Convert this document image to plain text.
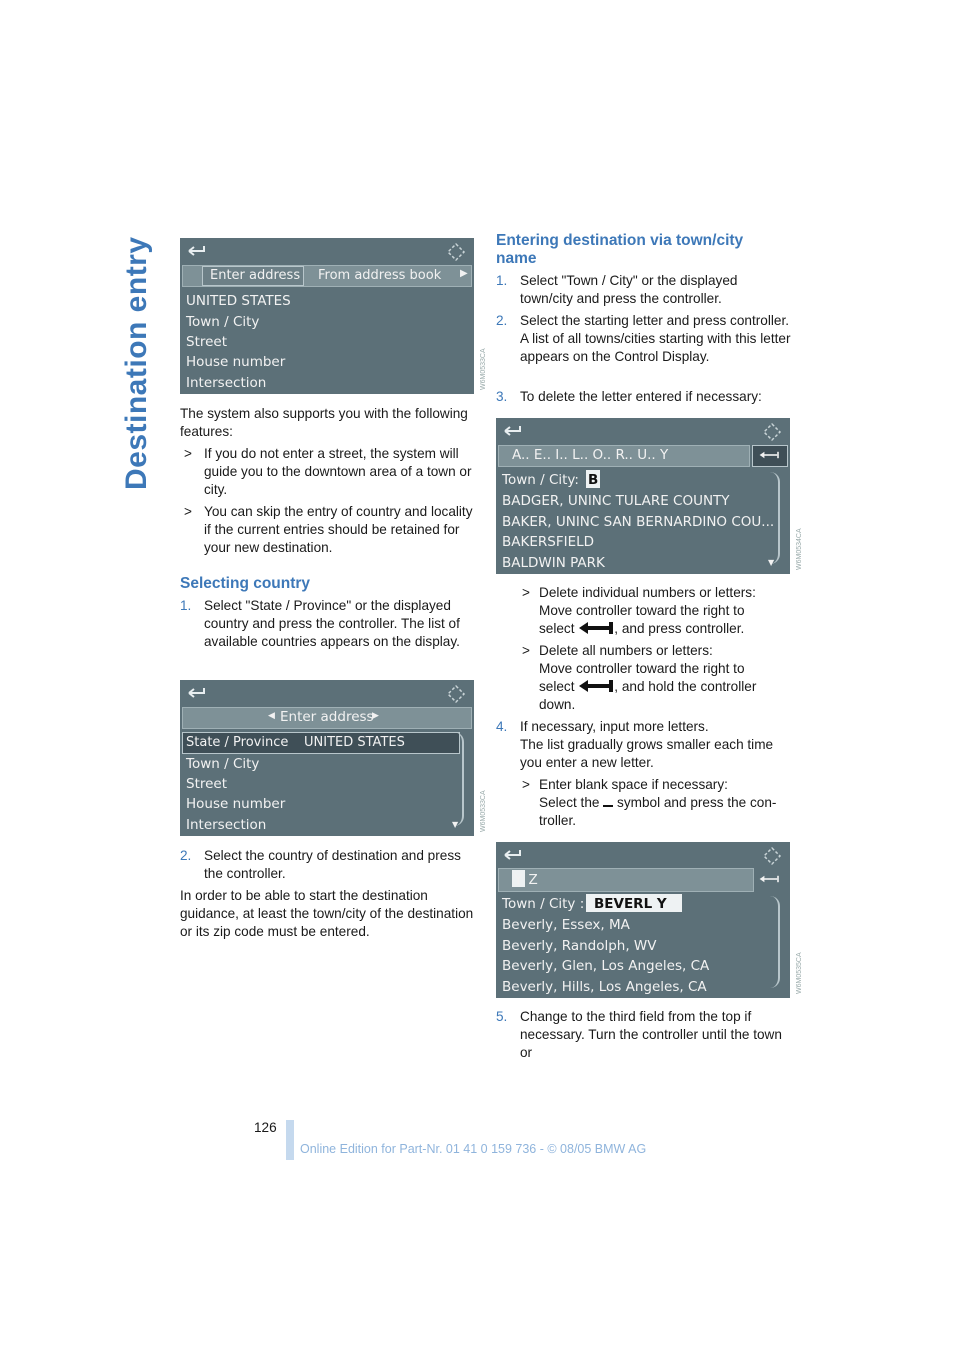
Destination entry	Enter address From address book ▶
UNITED STATES
Town / City
Street
House number
Intersection	W6M0533CA
The system also supports you with the following features:
> If you do not enter a street, the system will guide you to the downtown area of a town or city.
> You can skip the entry of country and locality if the current entries should be retained for your new destination.
Selecting country
1. Select "State / Province" or the displayed country and press the controller. The list of available countries appears on the display.
◀ Enter address
▶
State / Province UNITED STATES
Town / City
Street
House number
Intersection	▼	W6M0533CA
2. Select the country of destination and press the controller.
In order to be able to start the destination guidance, at least the town/city of the destination or its zip code must be entered.
Entering destination via town/city name
1. Select "Town / City" or the displayed town/city and press the controller.
2. Select the starting letter and press controller. A list of all towns/cities starting with this letter appears on the Control Display.
3. To delete the letter entered if necessary:
A.. E.. I.. L.. O.. R.. U.. Y
Town / City: B
BADGER, UNINC TULARE COUNTY
BAKER, UNINC SAN BERNARDINO COU...
BAKERSFIELD
BALDWIN PARK	▼	W6M0534CA
> Delete individual numbers or letters:
Move controller toward the right to
select	, and press controller.
> Delete all numbers or letters:
Move controller toward the right to
select	, and hold the controller
down.
4. If necessary, input more letters.
The list gradually grows smaller each time you enter a new letter.
> Enter blank space if necessary:
Select the symbol and press the con-
troller.
Y Z
Town / City : BEVERL Y
Beverly, Essex, MA
Beverly, Randolph, WV
Beverly, Glen, Los Angeles, CA
Beverly, Hills, Los Angeles, CA	W6M0535CA
5. Change to the third field from the top if necessary. Turn the controller until the town or
126
Online Edition for Part-Nr. 01 41 0 159 736 - © 08/05 BMW AG
